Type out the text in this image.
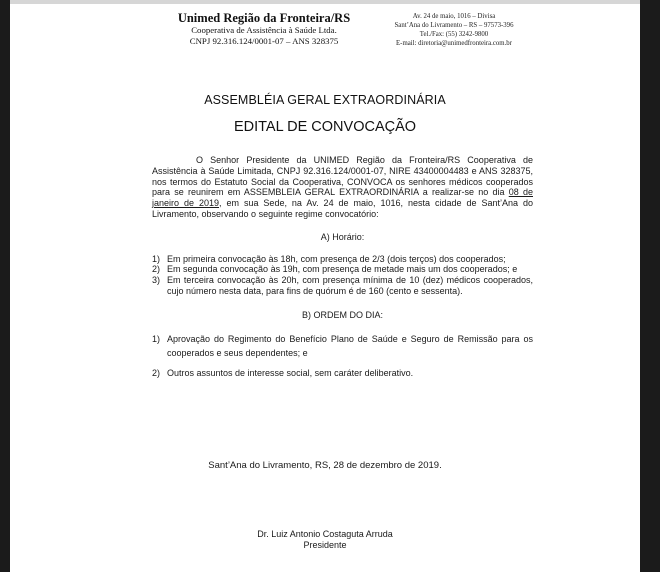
Unimed Região da Fronteira/RS
Cooperativa de Assistência à Saúde Ltda.
CNPJ 92.316.124/0001-07 – ANS 328375
Av. 24 de maio, 1016 – Divisa
Sant’Ana do Livramento – RS – 97573-396
Tel./Fax: (55) 3242-9800
E-mail: diretoria@unimedfronteira.com.br
ASSEMBLÉIA GERAL EXTRAORDINÁRIA
EDITAL DE CONVOCAÇÃO

O Senhor Presidente da UNIMED Região da Fronteira/RS Cooperativa de Assistência à Saúde Limitada, CNPJ 92.316.124/0001-07, NIRE 43400004483 e ANS 328375, nos termos do Estatuto Social da Cooperativa, CONVOCA os senhores médicos cooperados para se reunirem em ASSEMBLEIA GERAL EXTRAORDINÁRIA a realizar-se no dia 08 de janeiro de 2019, em sua Sede, na Av. 24 de maio, 1016, nesta cidade de Sant’Ana do Livramento, observando o seguinte regime convocatório:

A) Horário:

1) Em primeira convocação às 18h, com presença de 2/3 (dois terços) dos cooperados;
2) Em segunda convocação às 19h, com presença de metade mais um dos cooperados; e
3) Em terceira convocação às 20h, com presença mínima de 10 (dez) médicos cooperados, cujo número nesta data, para fins de quórum é de 160 (cento e sessenta).

B) ORDEM DO DIA:

1) Aprovação do Regimento do Benefício Plano de Saúde e Seguro de Remissão para os cooperados e seus dependentes; e
2) Outros assuntos de interesse social, sem caráter deliberativo.
Sant’Ana do Livramento, RS, 28 de dezembro de 2019.
Dr. Luiz Antonio Costaguta Arruda
Presidente
